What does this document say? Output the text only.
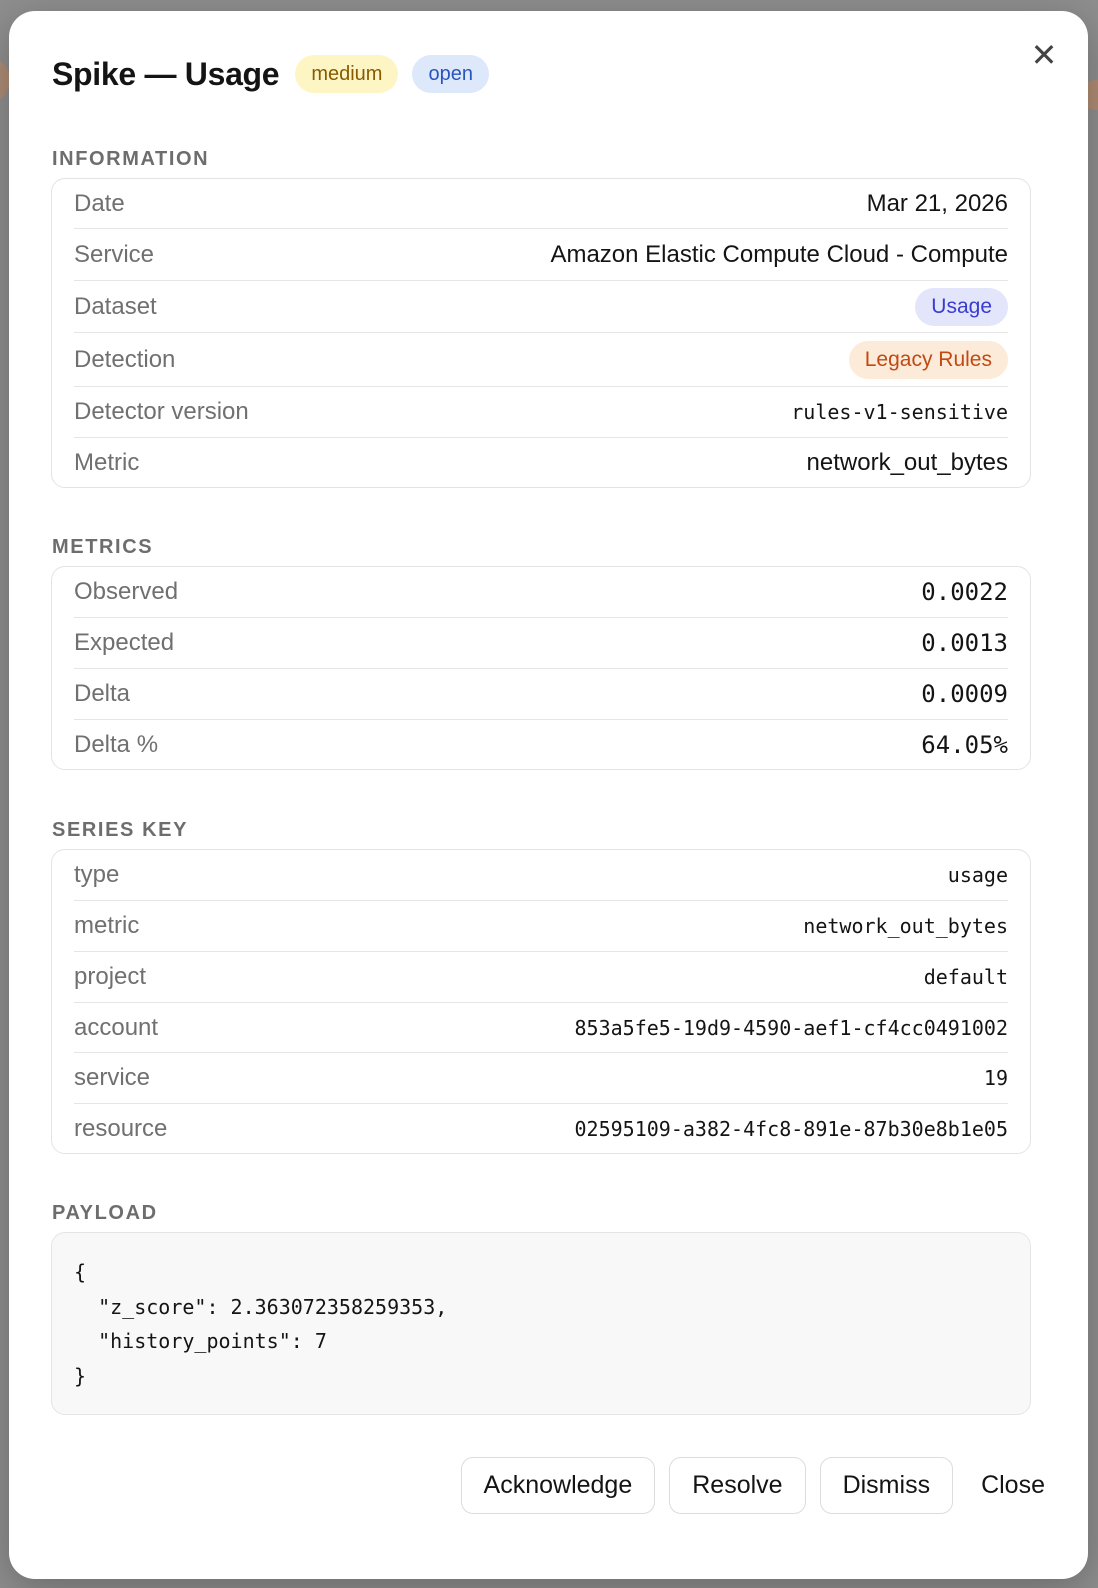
Spike — Usage	medium	open
✕
INFORMATION
Date	Mar 21, 2026
Service	Amazon Elastic Compute Cloud - Compute
Dataset	Usage
Detection	Legacy Rules
Detector version	rules-v1-sensitive
Metric	network_out_bytes
METRICS
Observed	0.0022
Expected	0.0013
Delta	0.0009
Delta %	64.05%
SERIES KEY
type	usage
metric	network_out_bytes
project	default
account	853a5fe5-19d9-4590-aef1-cf4cc0491002
service	19
resource	02595109-a382-4fc8-891e-87b30e8b1e05
PAYLOAD
{
"z_score": 2.363072358259353,
"history_points": 7
}
Acknowledge	Resolve	Dismiss	Close
